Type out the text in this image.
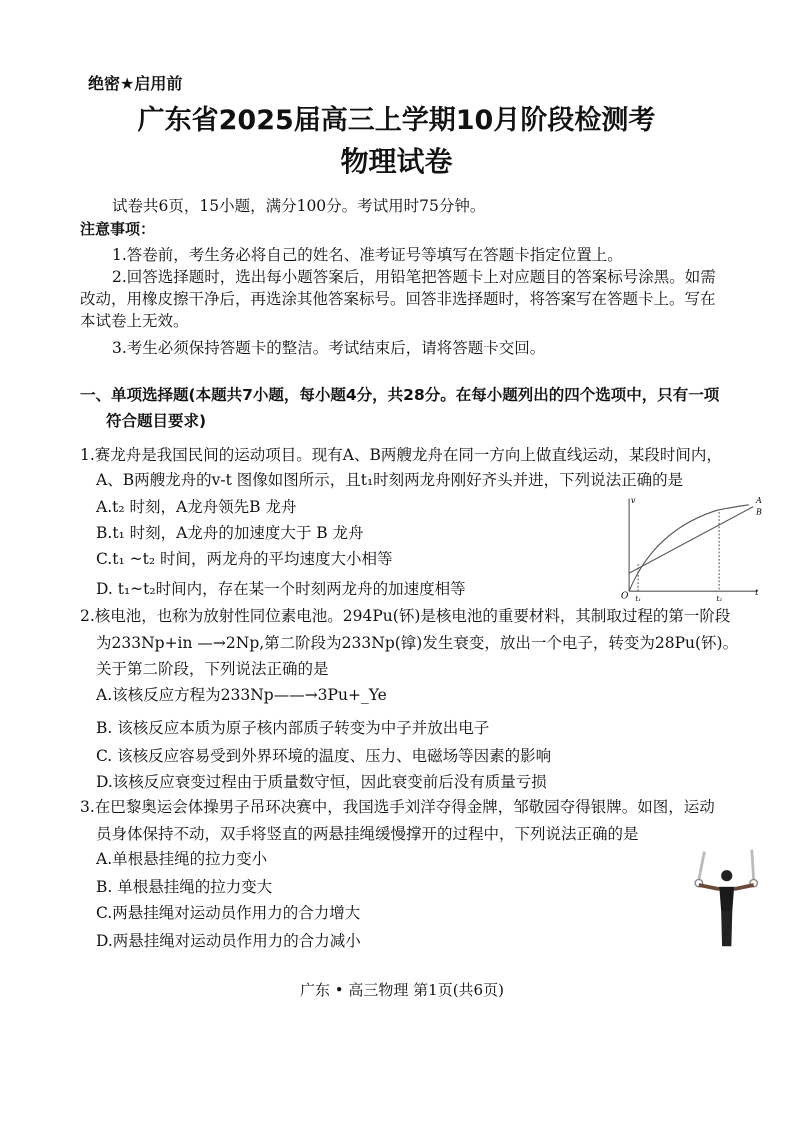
绝密★启用前
广东省2025届高三上学期10月阶段检测考
物理试卷
试卷共6页，15小题，满分100分。考试用时75分钟。
注意事项：
1.答卷前，考生务必将自己的姓名、准考证号等填写在答题卡指定位置上。
2.回答选择题时，选出每小题答案后，用铅笔把答题卡上对应题目的答案标号涂黑。如需
改动，用橡皮擦干净后，再选涂其他答案标号。回答非选择题时，将答案写在答题卡上。写在
本试卷上无效。
3.考生必须保持答题卡的整洁。考试结束后，请将答题卡交回。
一、单项选择题(本题共7小题，每小题4分，共28分。在每小题列出的四个选项中，只有一项
符合题目要求)
1.赛龙舟是我国民间的运动项目。现有A、B两艘龙舟在同一方向上做直线运动，某段时间内，
A、B两艘龙舟的v-t 图像如图所示，且t₁时刻两龙舟刚好齐头并进，下列说法正确的是
A.t₂ 时刻，A龙舟领先B 龙舟
B.t₁ 时刻，A龙舟的加速度大于 B 龙舟
C.t₁ ~t₂ 时间，两龙舟的平均速度大小相等
D. t₁~t₂时间内，存在某一个时刻两龙舟的加速度相等
v
t
O t₁	t₂
A
B
2.核电池，也称为放射性同位素电池。294Pu(钚)是核电池的重要材料，其制取过程的第一阶段
为233Np+in —→2Np,第二阶段为233Np(镎)发生衰变，放出一个电子，转变为28Pu(钚)。
关于第二阶段，下列说法正确的是
A.该核反应方程为233Np——→3Pu+_Ye
B. 该核反应本质为原子核内部质子转变为中子并放出电子
C. 该核反应容易受到外界环境的温度、压力、电磁场等因素的影响
D.该核反应衰变过程由于质量数守恒，因此衰变前后没有质量亏损
3.在巴黎奥运会体操男子吊环决赛中，我国选手刘洋夺得金牌，邹敬园夺得银牌。如图，运动
员身体保持不动，双手将竖直的两悬挂绳缓慢撑开的过程中，下列说法正确的是
A.单根悬挂绳的拉力变小
B. 单根悬挂绳的拉力变大
C.两悬挂绳对运动员作用力的合力增大
D.两悬挂绳对运动员作用力的合力减小
广东 • 高三物理 第1页(共6页)
